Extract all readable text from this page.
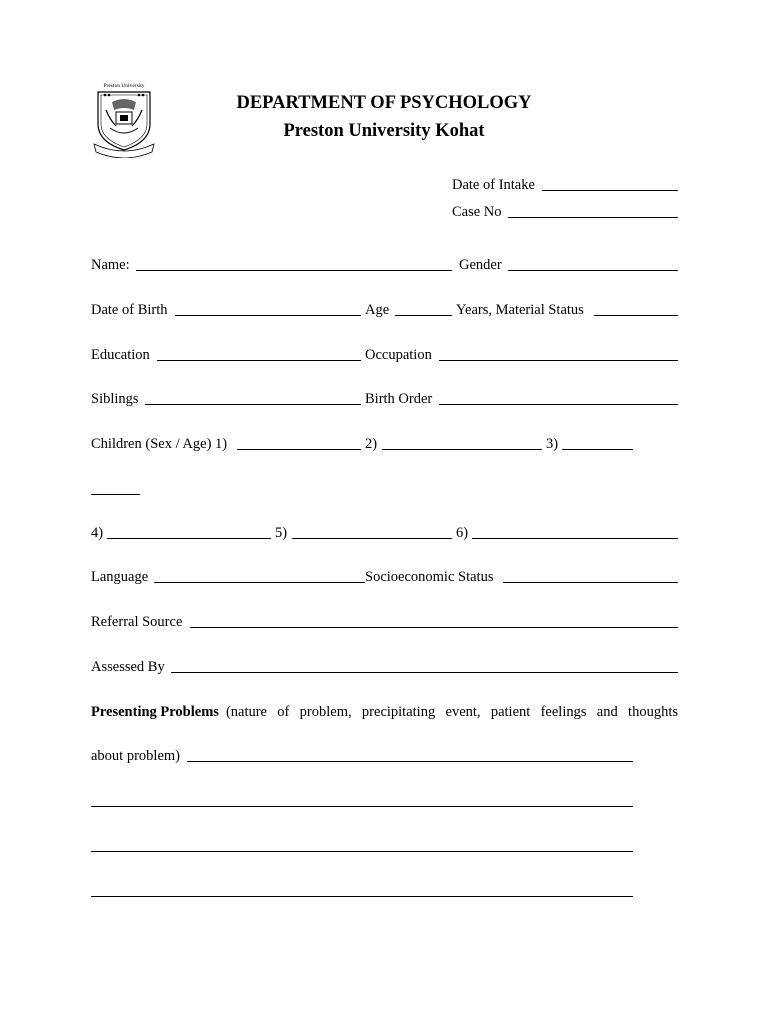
Preston University
DEPARTMENT OF PSYCHOLOGY
Preston University Kohat
Date of Intake
Case No
Name:	Gender
Date of Birth	Age	Years, Material Status
Education	Occupation
Siblings	Birth Order
Children (Sex / Age) 1)	2)	3)
4)	5)	6)
Language	Socioeconomic Status
Referral Source
Assessed By
Presenting Problems (nature of problem, precipitating event, patient feelings and thoughts
about problem)
